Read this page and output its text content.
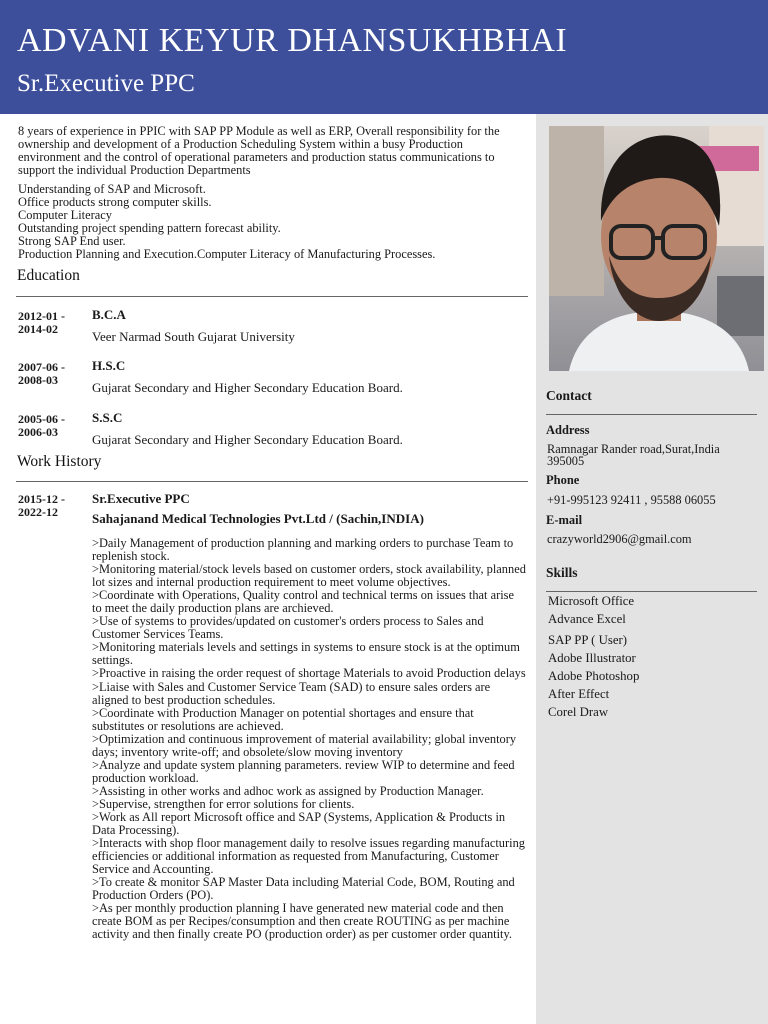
ADVANI KEYUR DHANSUKHBHAI
Sr.Executive PPC

8 years of experience in PPIC with SAP PP Module as well as ERP, Overall responsibility for the ownership and development of a Production Scheduling System within a busy Production environment and the control of operational parameters and production status communications to support the individual Production Departments

Understanding of SAP and Microsoft.

Office products strong computer skills.

Computer Literacy

Outstanding project spending pattern forecast ability.

Strong SAP End user.

Production Planning and Execution.Computer Literacy of Manufacturing Processes.

Education
2012-01 -
2014-02
B.C.A
Veer Narmad South Gujarat University
2007-06 -
2008-03
H.S.C
Gujarat Secondary and Higher Secondary Education Board.
2005-06 -
2006-03
S.S.C
Gujarat Secondary and Higher Secondary Education Board.
Work History
2015-12 -
2022-12
Sr.Executive PPC
Sahajanand Medical Technologies Pvt.Ltd / (Sachin,INDIA)
>Daily Management of production planning and marking orders to purchase Team to replenish stock.
>Monitoring material/stock levels based on customer orders, stock availability, planned lot sizes and internal production requirement to meet volume objectives.
>Coordinate with Operations, Quality control and technical terms on issues that arise to meet the daily production plans are archieved.
>Use of systems to provides/updated on customer's orders process to Sales and Customer Services Teams.
>Monitoring materials levels and settings in systems to ensure stock is at the optimum settings.
>Proactive in raising the order request of shortage Materials to avoid Production delays
>Liaise with Sales and Customer Service Team (SAD) to ensure sales orders are aligned to best production schedules.
>Coordinate with Production Manager on potential shortages and ensure that substitutes or resolutions are achieved.
>Optimization and continuous improvement of material availability; global inventory days; inventory write-off; and obsolete/slow moving inventory
>Analyze and update system planning parameters. review WIP to determine and feed production workload.
>Assisting in other works and adhoc work as assigned by Production Manager.
>Supervise, strengthen for error solutions for clients.
>Work as All report Microsoft office and SAP (Systems, Application & Products in Data Processing).
>Interacts with shop floor management daily to resolve issues regarding manufacturing efficiencies or additional information as requested from Manufacturing, Customer Service and Accounting.
>To create & monitor SAP Master Data including Material Code, BOM, Routing and Production Orders (PO).
>As per monthly production planning I have generated new material code and then create BOM as per Recipes/consumption and then create ROUTING as per machine activity and then finally create PO (production order) as per customer order quantity.
Contact
Address
Ramnagar Rander road,Surat,India 395005
Phone
+91-995123 92411 , 95588 06055
E-mail
crazyworld2906@gmail.com
Skills
Microsoft Office
Advance Excel
SAP PP ( User)
Adobe Illustrator
Adobe Photoshop
After Effect
Corel Draw
